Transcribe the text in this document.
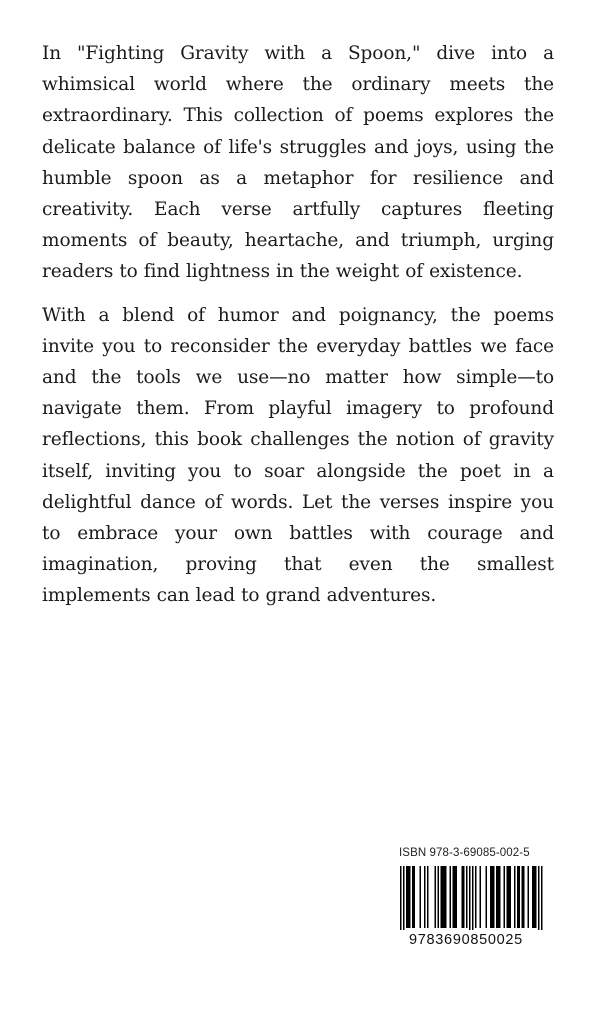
In "Fighting Gravity with a Spoon," dive into a whimsical world where the ordinary meets the extraordinary. This collection of poems explores the delicate balance of life's struggles and joys, using the humble spoon as a metaphor for resilience and creativity. Each verse artfully captures fleeting moments of beauty, heartache, and triumph, urging readers to find lightness in the weight of existence.

With a blend of humor and poignancy, the poems invite you to reconsider the everyday battles we face and the tools we use—no matter how simple—to navigate them. From playful imagery to profound reflections, this book challenges the notion of gravity itself, inviting you to soar alongside the poet in a delightful dance of words. Let the verses inspire you to embrace your own battles with courage and imagination, proving that even the smallest implements can lead to grand adventures.

ISBN 978-3-69085-002-5
9783690850025
